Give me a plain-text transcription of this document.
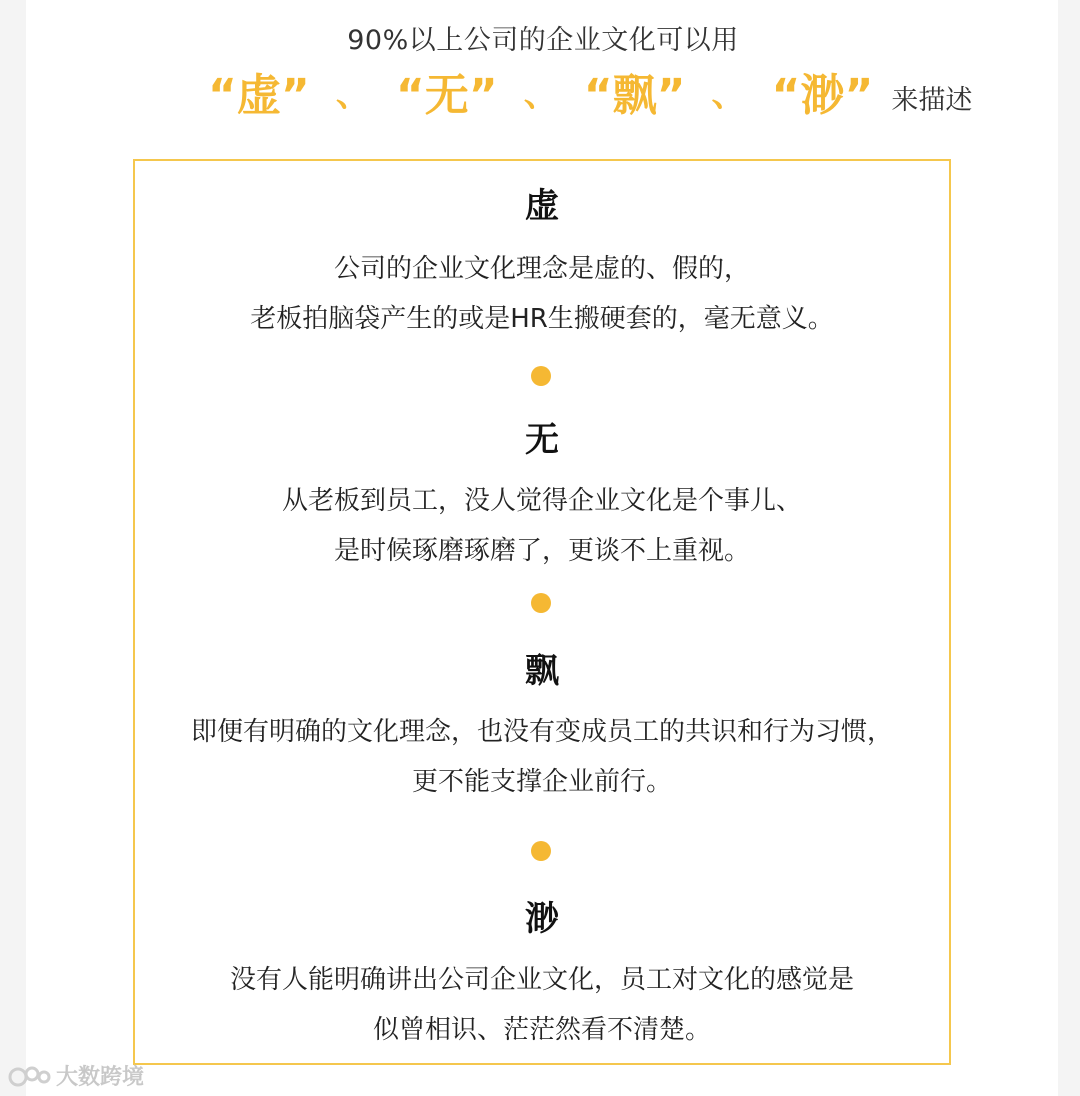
90%以上公司的企业文化可以用
“虚” 、 “无” 、 “飘” 、 “渺” 来描述
虚

公司的企业文化理念是虚的、假的，

老板拍脑袋产生的或是HR生搬硬套的，毫无意义。

无

从老板到员工，没人觉得企业文化是个事儿、

是时候琢磨琢磨了，更谈不上重视。

飘

即便有明确的文化理念，也没有变成员工的共识和行为习惯，

更不能支撑企业前行。

渺

没有人能明确讲出公司企业文化，员工对文化的感觉是

似曾相识、茫茫然看不清楚。

大数跨境
